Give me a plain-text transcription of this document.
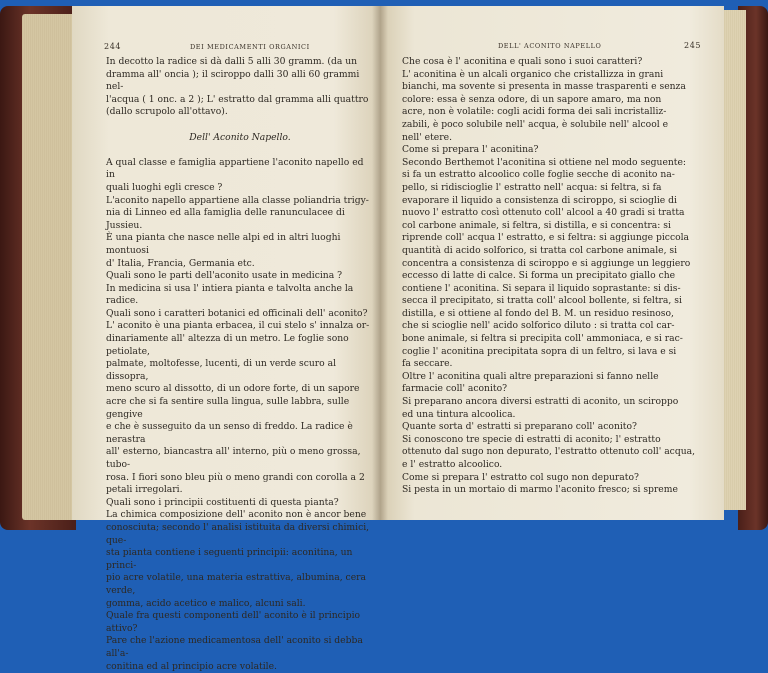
244	DEI MEDICAMENTI ORGANICI	DELL' ACONITO NAPELLO	245

In decotto la radice si dà dalli 5 alli 30 gramm. (da un

dramma all' oncia ); il sciroppo dalli 30 alli 60 grammi nel-

l'acqua ( 1 onc. a 2 ); L' estratto dal gramma alli quattro

(dallo scrupolo all'ottavo).

Dell' Aconito Napello.

A qual classe e famiglia appartiene l'aconito napello ed in

quali luoghi egli cresce ?

L'aconito napello appartiene alla classe poliandria trigy-

nia di Linneo ed alla famiglia delle ranunculacee di Jussieu.

È una pianta che nasce nelle alpi ed in altri luoghi montuosi

d' Italia, Francia, Germania etc.

Quali sono le parti dell'aconito usate in medicina ?

In medicina si usa l' intiera pianta e talvolta anche la radice.

Quali sono i caratteri botanici ed officinali dell' aconito?

L' aconito è una pianta erbacea, il cui stelo s' innalza or-

dinariamente all' altezza di un metro. Le foglie sono petiolate,

palmate, moltofesse, lucenti, di un verde scuro al dissopra,

meno scuro al dissotto, di un odore forte, di un sapore

acre che si fa sentire sulla lingua, sulle labbra, sulle gengive

e che è susseguito da un senso di freddo. La radice è nerastra

all' esterno, biancastra all' interno, più o meno grossa, tubo-

rosa. I fiori sono bleu più o meno grandi con corolla a 2

petali irregolari.

Quali sono i principii costituenti di questa pianta?

La chimica composizione dell' aconito non è ancor bene

conosciuta; secondo l' analisi istituita da diversi chimici, que-

sta pianta contiene i seguenti principii: aconitina, un princi-

pio acre volatile, una materia estrattiva, albumina, cera verde,

gomma, acido acetico e malico, alcuni sali.

Quale fra questi componenti dell' aconito è il principio

attivo?

Pare che l'azione medicamentosa dell' aconito si debba all'a-

conitina ed al principio acre volatile.

Che cosa è l' aconitina e quali sono i suoi caratteri?

L' aconitina è un alcali organico che cristallizza in grani

bianchi, ma sovente si presenta in masse trasparenti e senza

colore: essa è senza odore, di un sapore amaro, ma non

acre, non è volatile: cogli acidi forma dei sali incristalliz-

zabili, è poco solubile nell' acqua, è solubile nell' alcool e

nell' etere.

Come si prepara l' aconitina?

Secondo Berthemot l'aconitina si ottiene nel modo seguente:

si fa un estratto alcoolico colle foglie secche di aconito na-

pello, si ridiscioglie l' estratto nell' acqua: si feltra, si fa

evaporare il liquido a consistenza di sciroppo, si scioglie di

nuovo l' estratto così ottenuto coll' alcool a 40 gradi si tratta

col carbone animale, si feltra, si distilla, e si concentra: si

riprende coll' acqua l' estratto, e si feltra: si aggiunge piccola

quantità di acido solforico, si tratta col carbone animale, si

concentra a consistenza di sciroppo e si aggiunge un leggiero

eccesso di latte di calce. Si forma un precipitato giallo che

contiene l' aconitina. Si separa il liquido soprastante: si dis-

secca il precipitato, si tratta coll' alcool bollente, si feltra, si

distilla, e si ottiene al fondo del B. M. un residuo resinoso,

che si scioglie nell' acido solforico diluto : si tratta col car-

bone animale, si feltra si precipita coll' ammoniaca, e si rac-

coglie l' aconitina precipitata sopra di un feltro, si lava e si

fa seccare.

Oltre l' aconitina quali altre preparazioni si fanno nelle

farmacie coll' aconito?

Si preparano ancora diversi estratti di aconito, un sciroppo

ed una tintura alcoolica.

Quante sorta d' estratti si preparano coll' aconito?

Si conoscono tre specie di estratti di aconito; l' estratto

ottenuto dal sugo non depurato, l'estratto ottenuto coll' acqua,

e l' estratto alcoolico.

Come si prepara l' estratto col sugo non depurato?

Si pesta in un mortaio di marmo l'aconito fresco; si spreme
